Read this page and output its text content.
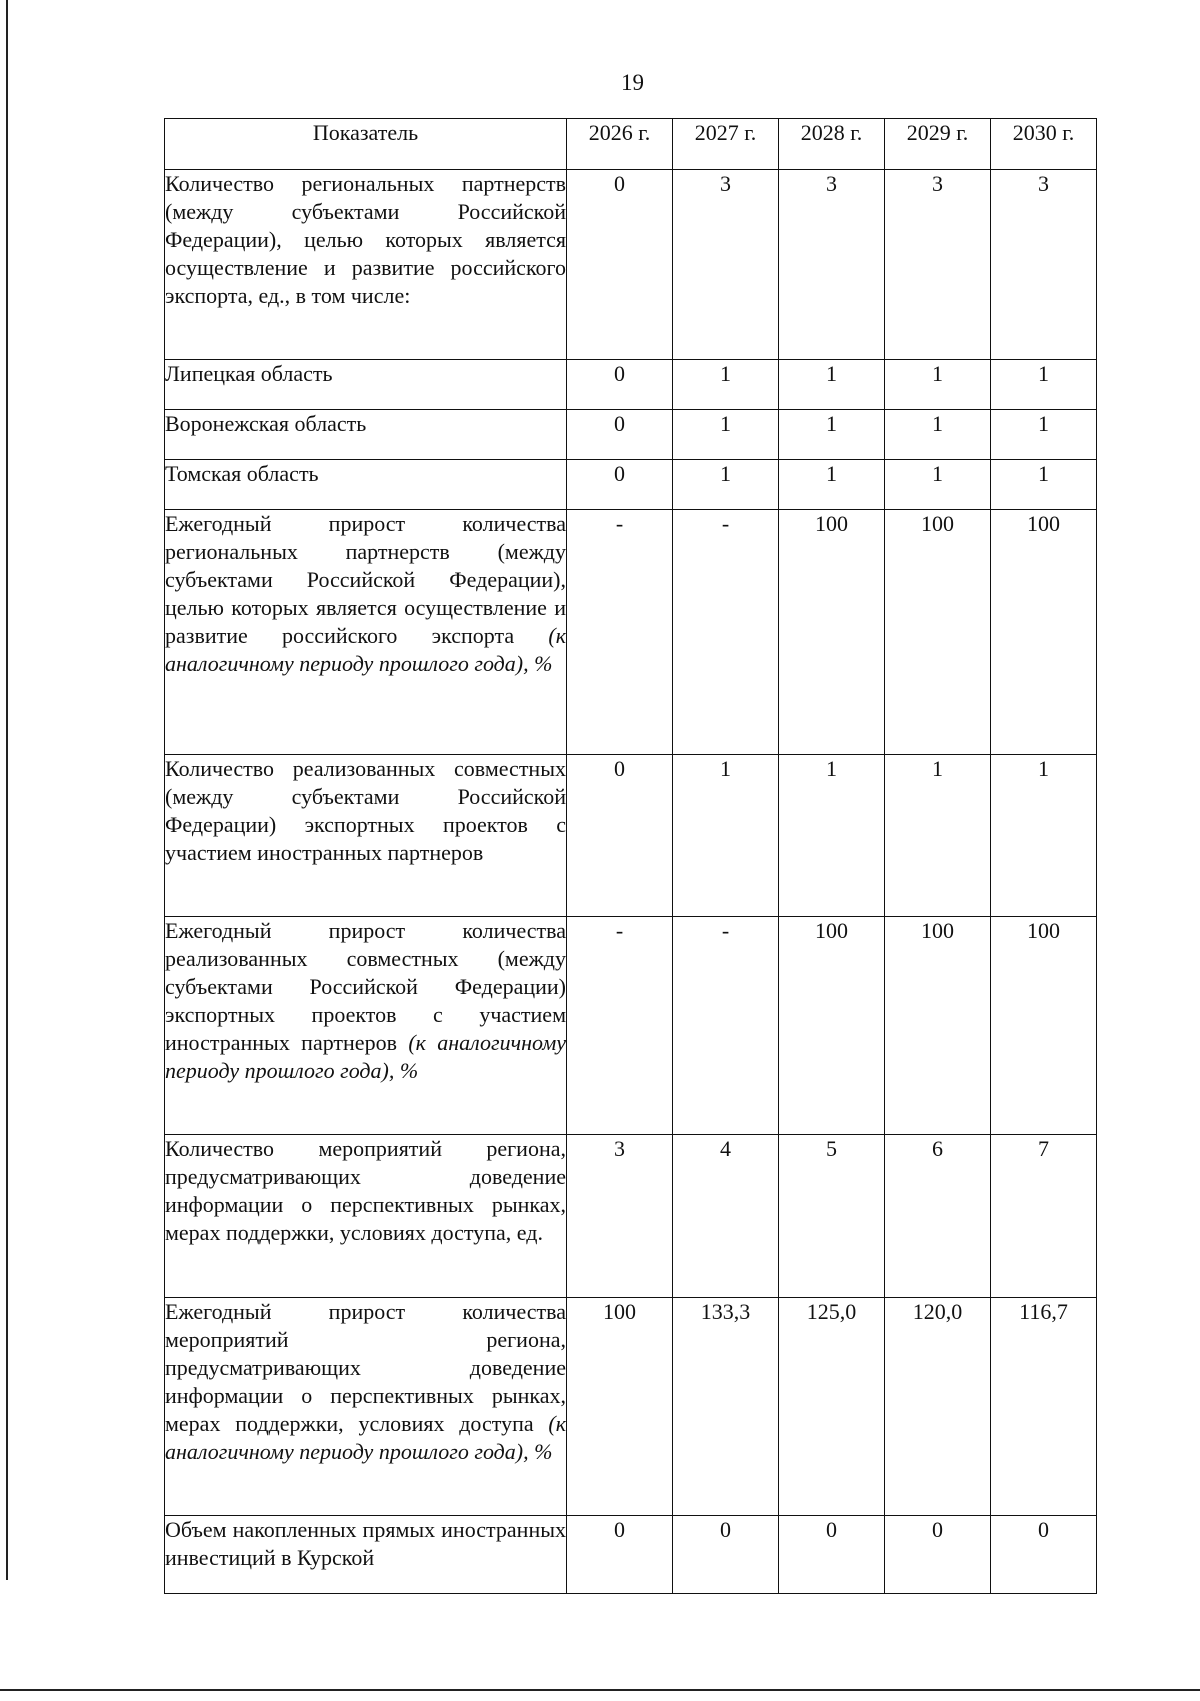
19
Показатель	2026 г.	2027 г.	2028 г.	2029 г.	2030 г.
Количество региональных партнерств (между субъектами Российской Федерации), целью которых является осуществление и развитие российского экспорта, ед., в том числе:	0	3	3	3	3
Липецкая область	0	1	1	1	1
Воронежская область	0	1	1	1	1
Томская область	0	1	1	1	1
Ежегодный прирост количества региональных партнерств (между субъектами Российской Федерации), целью которых является осуществление и развитие российского экспорта (к аналогичному периоду прошлого года), %	-	-	100	100	100
Количество реализованных совместных (между субъектами Российской Федерации) экспортных проектов с участием иностранных партнеров	0	1	1	1	1
Ежегодный прирост количества реализованных совместных (между субъектами Российской Федерации) экспортных проектов с участием иностранных партнеров (к аналогичному периоду прошлого года), %	-	-	100	100	100
Количество мероприятий региона, предусматривающих доведение информации о перспективных рынках, мерах поддержки, условиях доступа, ед.	3	4	5	6	7
Ежегодный прирост количества мероприятий региона, предусматривающих доведение информации о перспективных рынках, мерах поддержки, условиях доступа (к аналогичному периоду прошлого года), %	100	133,3	125,0	120,0	116,7
Объем накопленных прямых иностранных инвестиций в Курской	0	0	0	0	0
